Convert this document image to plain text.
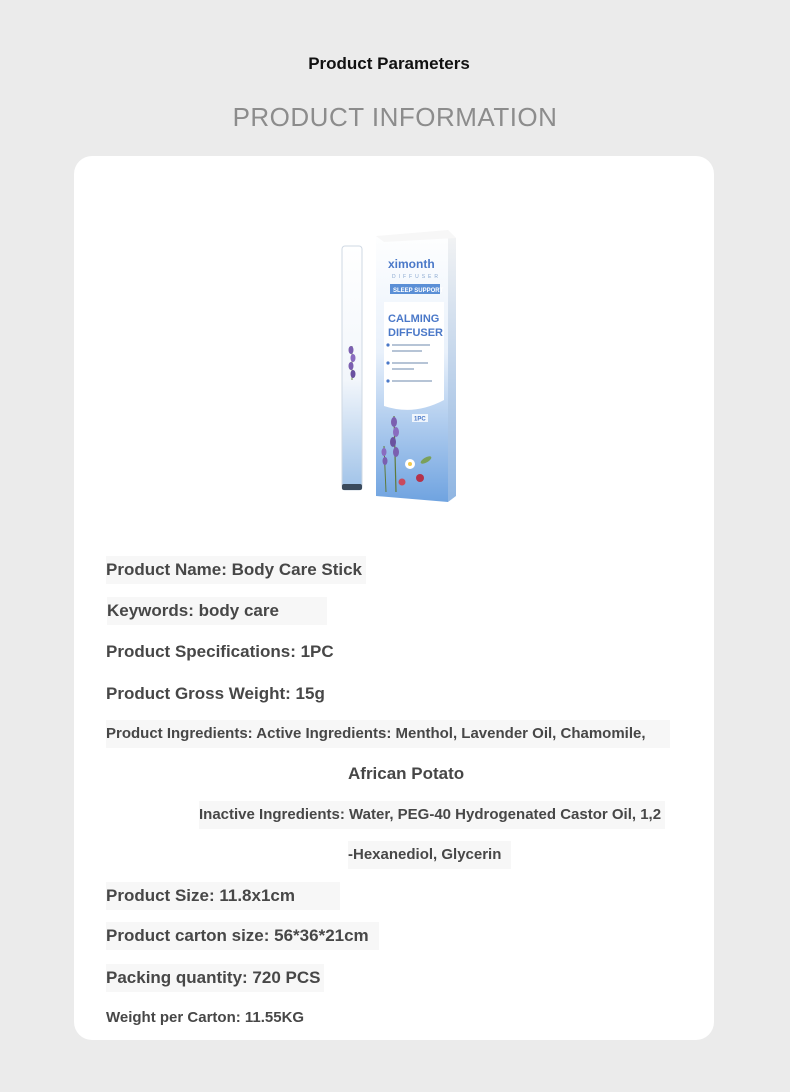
Product Parameters
PRODUCT INFORMATION
ximonth
DIFFUSER
SLEEP SUPPORT
CALMING
DIFFUSER
1PC
Product Name: Body Care Stick
Keywords: body care
Product Specifications: 1PC
Product Gross Weight: 15g
Product Ingredients: Active Ingredients: Menthol, Lavender Oil, Chamomile,
African Potato
Inactive Ingredients: Water, PEG-40 Hydrogenated Castor Oil, 1,2
-Hexanediol, Glycerin
Product Size: 11.8x1cm
Product carton size: 56*36*21cm
Packing quantity: 720 PCS
Weight per Carton: 11.55KG
